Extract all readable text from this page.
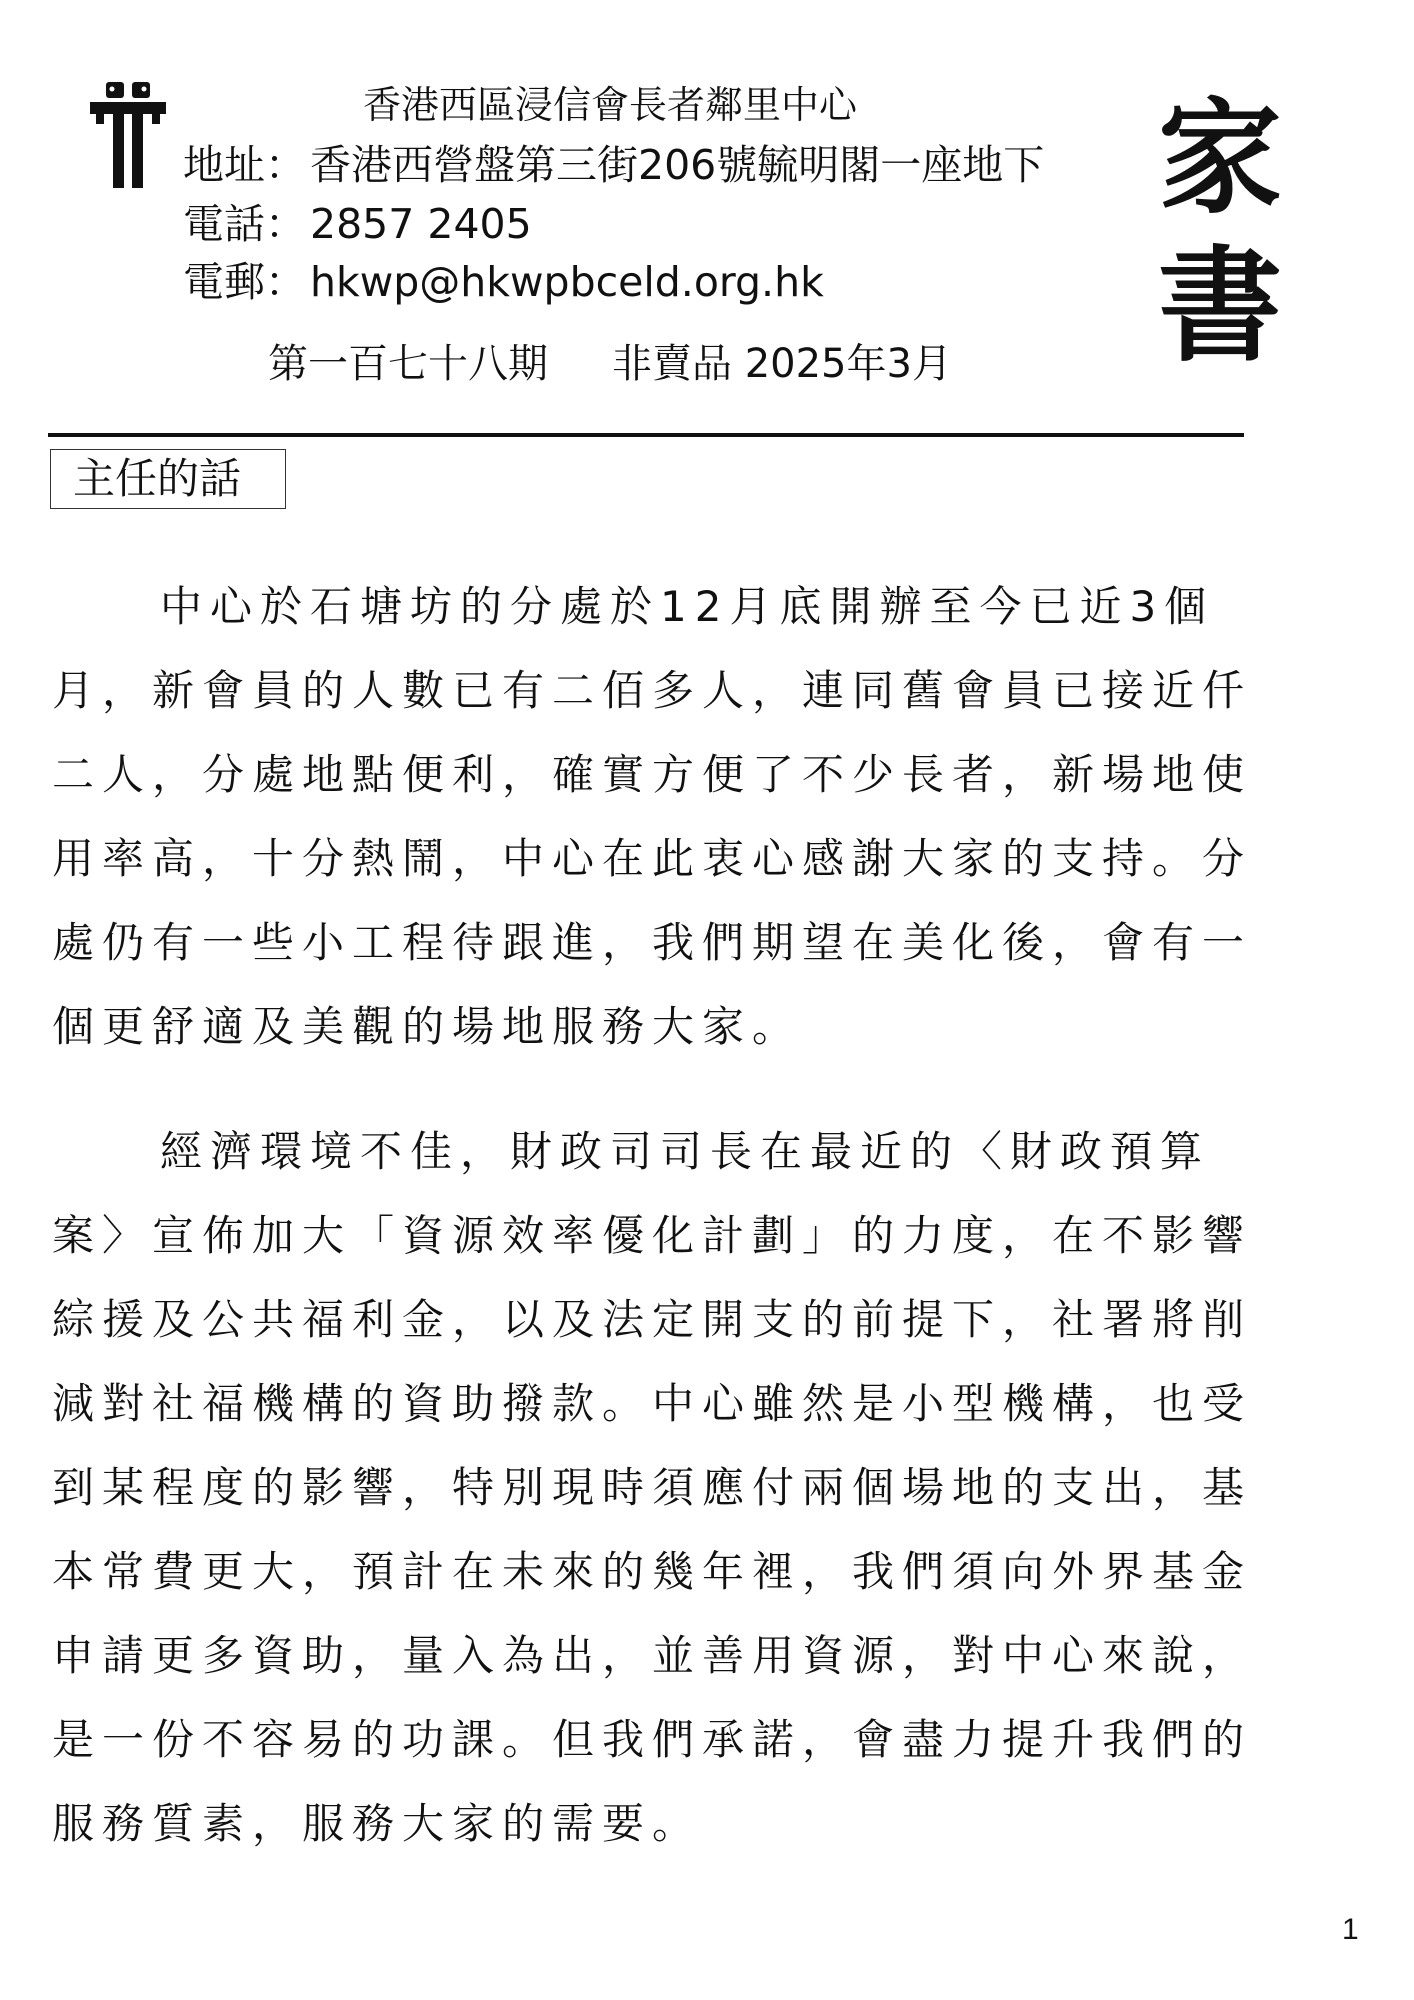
香港西區浸信會長者鄰里中心
地址：香港西營盤第三街206號毓明閣一座地下
電話：2857 2405
電郵：hkwp@hkwpbceld.org.hk
第一百七十八期 非賣品 2025年3月
家
書
主任的話
中心於石塘坊的分處於12月底開辦至今已近3個
月，新會員的人數已有二佰多人，連同舊會員已接近仟
二人，分處地點便利，確實方便了不少長者，新場地使
用率高，十分熱鬧，中心在此衷心感謝大家的支持。分
處仍有一些小工程待跟進，我們期望在美化後，會有一
個更舒適及美觀的場地服務大家。
經濟環境不佳，財政司司長在最近的〈財政預算
案〉宣佈加大「資源效率優化計劃」的力度，在不影響
綜援及公共福利金，以及法定開支的前提下，社署將削
減對社福機構的資助撥款。中心雖然是小型機構，也受
到某程度的影響，特別現時須應付兩個場地的支出，基
本常費更大，預計在未來的幾年裡，我們須向外界基金
申請更多資助，量入為出，並善用資源，對中心來說，
是一份不容易的功課。但我們承諾，會盡力提升我們的
服務質素，服務大家的需要。
1
